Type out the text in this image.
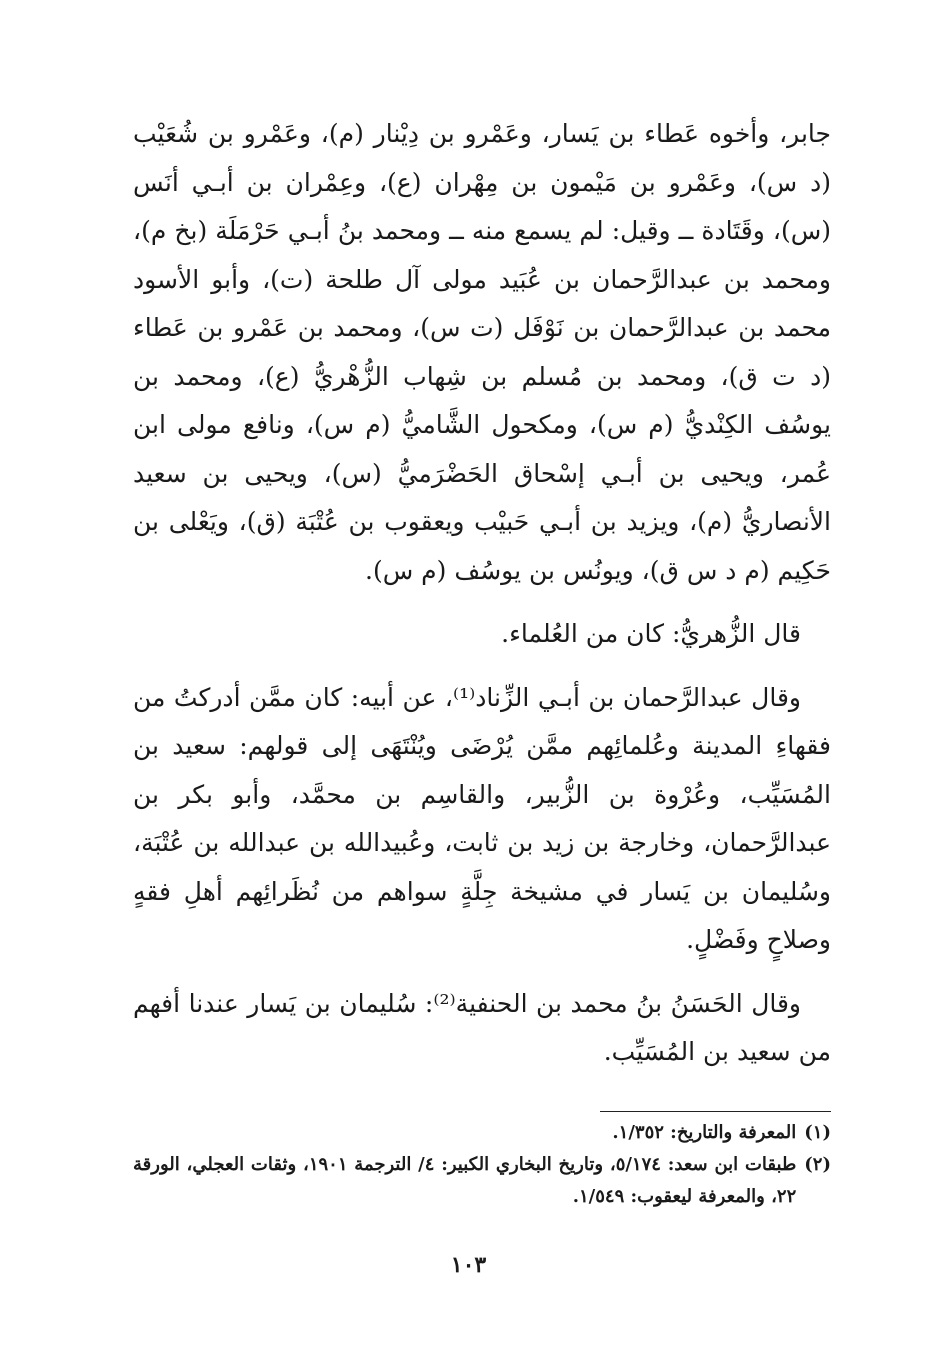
جابر، وأخوه عَطاء بن يَسار، وعَمْرو بن دِيْنار (م)، وعَمْرو بن شُعَيْب (د س)، وعَمْرو بن مَيْمون بن مِهْران (ع)، وعِمْران بن أبـي أنَس (س)، وقَتَادة ــ وقيل: لم يسمع منه ــ ومحمد بنُ أبـي حَرْمَلَة (بخ م)، ومحمد بن عبدالرَّحمان بن عُبَيد مولى آل طلحة (ت)، وأبو الأسود محمد بن عبدالرَّحمان بن نَوْفَل (ت س)، ومحمد بن عَمْرو بن عَطاء (د ت ق)، ومحمد بن مُسلم بن شِهاب الزُّهْريُّ (ع)، ومحمد بن يوسُف الكِنْديُّ (م س)، ومكحول الشَّاميُّ (م س)، ونافع مولى ابن عُمر، ويحيى بن أبـي إسْحاق الحَضْرَميُّ (س)، ويحيى بن سعيد الأنصاريُّ (م)، ويزيد بن أبـي حَبيْب ويعقوب بن عُتْبَة (ق)، ويَعْلى بن حَكِيم (م د س ق)، ويونُس بن يوسُف (م س).

قال الزُّهريُّ: كان من العُلماء.

وقال عبدالرَّحمان بن أبـي الزِّناد⁽¹⁾، عن أبيه: كان ممَّن أدركتُ من فقهاءِ المدينة وعُلمائِهم ممَّن يُرْضَى ويُنْتَهَى إلى قولهم: سعيد بن المُسَيِّب، وعُرْوة بن الزُّبير، والقاسِم بن محمَّد، وأبو بكر بن عبدالرَّحمان، وخارجة بن زيد بن ثابت، وعُبيدالله بن عبدالله بن عُتْبَة، وسُليمان بن يَسار في مشيخة جِلَّةٍ سواهم من نُظَرائِهم أهلِ فقهٍ وصلاحٍ وفَضْلٍ.

وقال الحَسَنُ بنُ محمد بن الحنفية⁽²⁾: سُليمان بن يَسار عندنا أفهم من سعيد بن المُسَيِّب.

(١)
المعرفة والتاريخ: ١/٣٥٢.
(٢)
طبقات ابن سعد: ٥/١٧٤، وتاريخ البخاري الكبير: ٤/ الترجمة ١٩٠١، وثقات العجلي، الورقة ٢٢، والمعرفة ليعقوب: ١/٥٤٩.
١٠٣
